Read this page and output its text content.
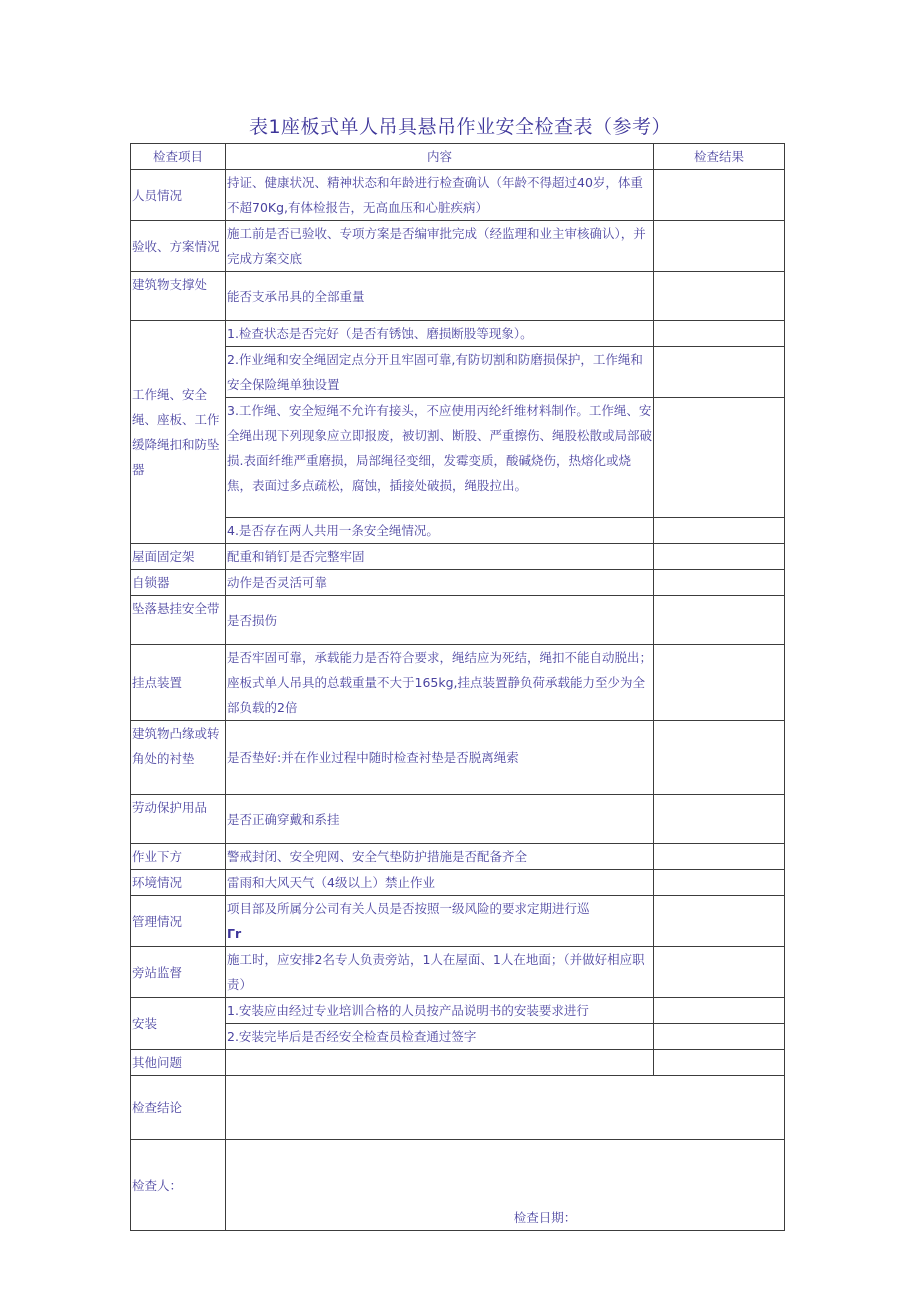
表1座板式单人吊具悬吊作业安全检查表（参考）
检查项目	内容	检查结果
人员情况	持证、健康状况、精神状态和年龄进行检查确认（年龄不得超过40岁，体重不超70Kg,有体检报告，无高血压和心脏疾病）	
验收、方案情况	施工前是否已验收、专项方案是否编审批完成（经监理和业主审核确认），并完成方案交底	
建筑物支撑处	能否支承吊具的全部重量	
工作绳、安全绳、座板、工作缓降绳扣和防坠器	1.检查状态是否完好（是否有锈蚀、磨损断股等现象）。	
	2.作业绳和安全绳固定点分开且牢固可靠,有防切割和防磨损保护，工作绳和安全保险绳单独设置	
	3.工作绳、安全短绳不允许有接头，不应使用丙纶纤维材料制作。工作绳、安全绳出现下列现象应立即报废，被切割、断股、严重擦伤、绳股松散或局部破损.表面纤维严重磨损，局部绳径变细，发霉变质，酸碱烧伤，热熔化或烧焦，表面过多点疏松，腐蚀，插接处破损，绳股拉出。	
	4.是否存在两人共用一条安全绳情况。	
屋面固定架	配重和销钉是否完整牢固	
自锁器	动作是否灵活可靠	
坠落悬挂安全带	是否损伤	
挂点装置	是否牢固可靠，承载能力是否符合要求，绳结应为死结，绳扣不能自动脱出；座板式单人吊具的总载重量不大于165kg,挂点装置静负荷承载能力至少为全部负载的2倍	
建筑物凸缘或转角处的衬垫	是否垫好:并在作业过程中随时检查衬垫是否脱离绳索	
劳动保护用品	是否正确穿戴和系挂	
作业下方	警戒封闭、安全兜网、安全气垫防护措施是否配备齐全	
环境情况	雷雨和大风天气（4级以上）禁止作业	
管理情况	项目部及所属分公司有关人员是否按照一级风险的要求定期进行巡
Γr	

旁站监督	施工时，应安排2名专人负责旁站，1人在屋面、1人在地面；（并做好相应职责）	
安装	1.安装应由经过专业培训合格的人员按产品说明书的安装要求进行	
	2.安装完毕后是否经安全检查员检查通过签字	
其他问题		
检查结论		
检查人：	检查日期：	
